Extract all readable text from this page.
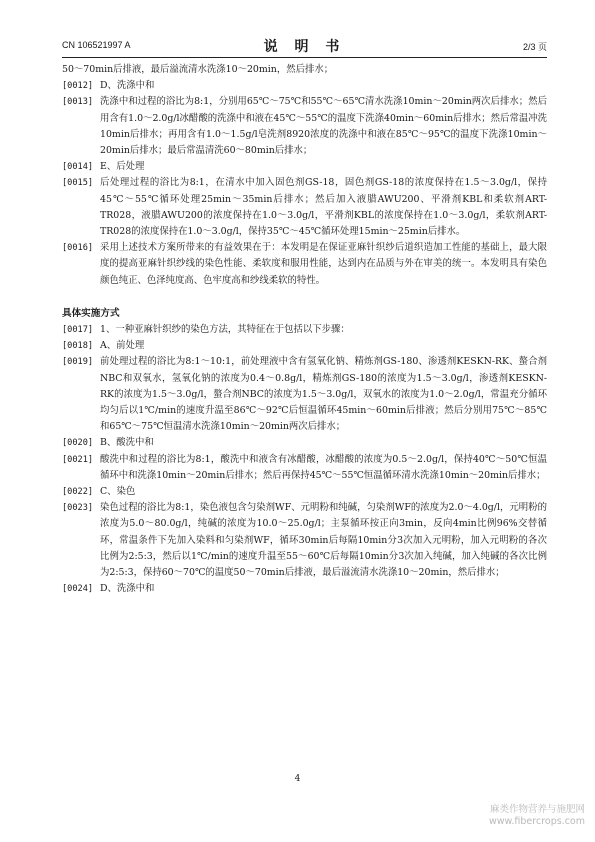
CN 106521997 A	说 明 书	2/3 页
50～70min后排液，最后溢流清水洗涤10～20min，然后排水；
[0012] D、洗涤中和
[0013] 洗涤中和过程的浴比为8:1，分别用65℃～75℃和55℃～65℃清水洗涤10min～20min两次后排水；然后用含有1.0～2.0g/l冰醋酸的洗涤中和液在45℃～55℃的温度下洗涤40min～60min后排水；然后常温冲洗10min后排水；再用含有1.0～1.5g/l皂洗剂8920浓度的洗涤中和液在85℃～95℃的温度下洗涤10min～20min后排水；最后常温清洗60～80min后排水；
[0014] E、后处理
[0015] 后处理过程的浴比为8:1，在清水中加入固色剂GS-18，固色剂GS-18的浓度保持在1.5～3.0g/l，保持45℃～55℃循环处理25min～35min后排水；然后加入液腊AWU200、平滑剂KBL和柔软剂ART-TR028，液腊AWU200的浓度保持在1.0～3.0g/l，平滑剂KBL的浓度保持在1.0～3.0g/l，柔软剂ART-TR028的浓度保持在1.0～3.0g/l，保持35℃～45℃循环处理15min～25min后排水。
[0016] 采用上述技术方案所带来的有益效果在于：本发明是在保证亚麻针织纱后道织造加工性能的基础上，最大限度的提高亚麻针织纱线的染色性能、柔软度和服用性能，达到内在品质与外在审美的统一。本发明具有染色颜色纯正、色泽纯度高、色牢度高和纱线柔软的特性。
具体实施方式
[0017] 1、一种亚麻针织纱的染色方法，其特征在于包括以下步骤：
[0018] A、前处理
[0019] 前处理过程的浴比为8:1～10:1，前处理液中含有氢氧化钠、精炼剂GS-180、渗透剂KESKN-RK、螯合剂NBC和双氧水，氢氧化钠的浓度为0.4～0.8g/l，精炼剂GS-180的浓度为1.5～3.0g/l，渗透剂KESKN-RK的浓度为1.5～3.0g/l，螯合剂NBC的浓度为1.5～3.0g/l，双氧水的浓度为1.0～2.0g/l，常温充分循环均匀后以1℃/min的速度升温至86℃～92℃后恒温循环45min～60min后排液；然后分别用75℃～85℃和65℃～75℃恒温清水洗涤10min～20min两次后排水；
[0020] B、酸洗中和
[0021] 酸洗中和过程的浴比为8:1，酸洗中和液含有冰醋酸，冰醋酸的浓度为0.5～2.0g/l，保持40℃～50℃恒温循环中和洗涤10min～20min后排水；然后再保持45℃～55℃恒温循环清水洗涤10min～20min后排水；
[0022] C、染色
[0023] 染色过程的浴比为8:1，染色液包含匀染剂WF、元明粉和纯碱，匀染剂WF的浓度为2.0～4.0g/l，元明粉的浓度为5.0～80.0g/l，纯碱的浓度为10.0～25.0g/l；主泵循环按正向3min，反向4min比例96%交替循环，常温条件下先加入染料和匀染剂WF，循环30min后每隔10min分3次加入元明粉，加入元明粉的各次比例为2:5:3，然后以1℃/min的速度升温至55～60℃后每隔10min分3次加入纯碱，加入纯碱的各次比例为2:5:3，保持60～70℃的温度50～70min后排液，最后溢流清水洗涤10～20min，然后排水；
[0024] D、洗涤中和
4
麻类作物营养与施肥网
www.fibercrops.com
